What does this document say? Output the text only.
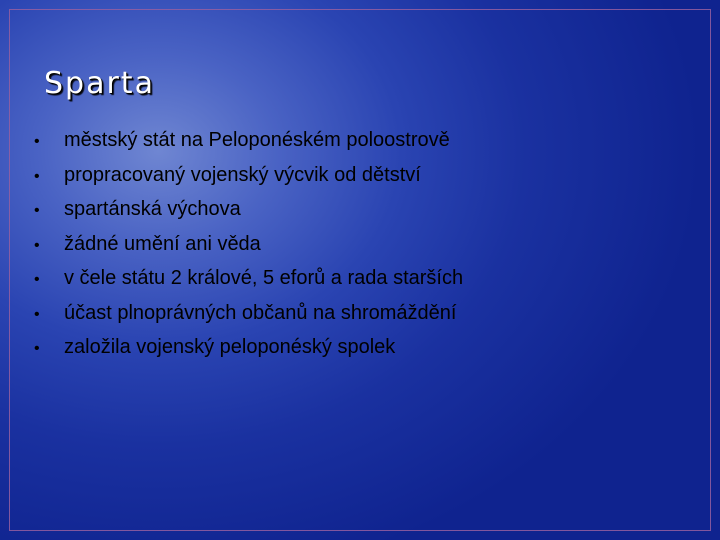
Sparta
•	městský stát na Peloponéském poloostrově
•	propracovaný vojenský výcvik od dětství
•	spartánská výchova
•	žádné umění ani věda
•	v čele státu 2 králové, 5 eforů a rada starších
•	účast plnoprávných občanů na shromáždění
•	založila vojenský peloponéský spolek
